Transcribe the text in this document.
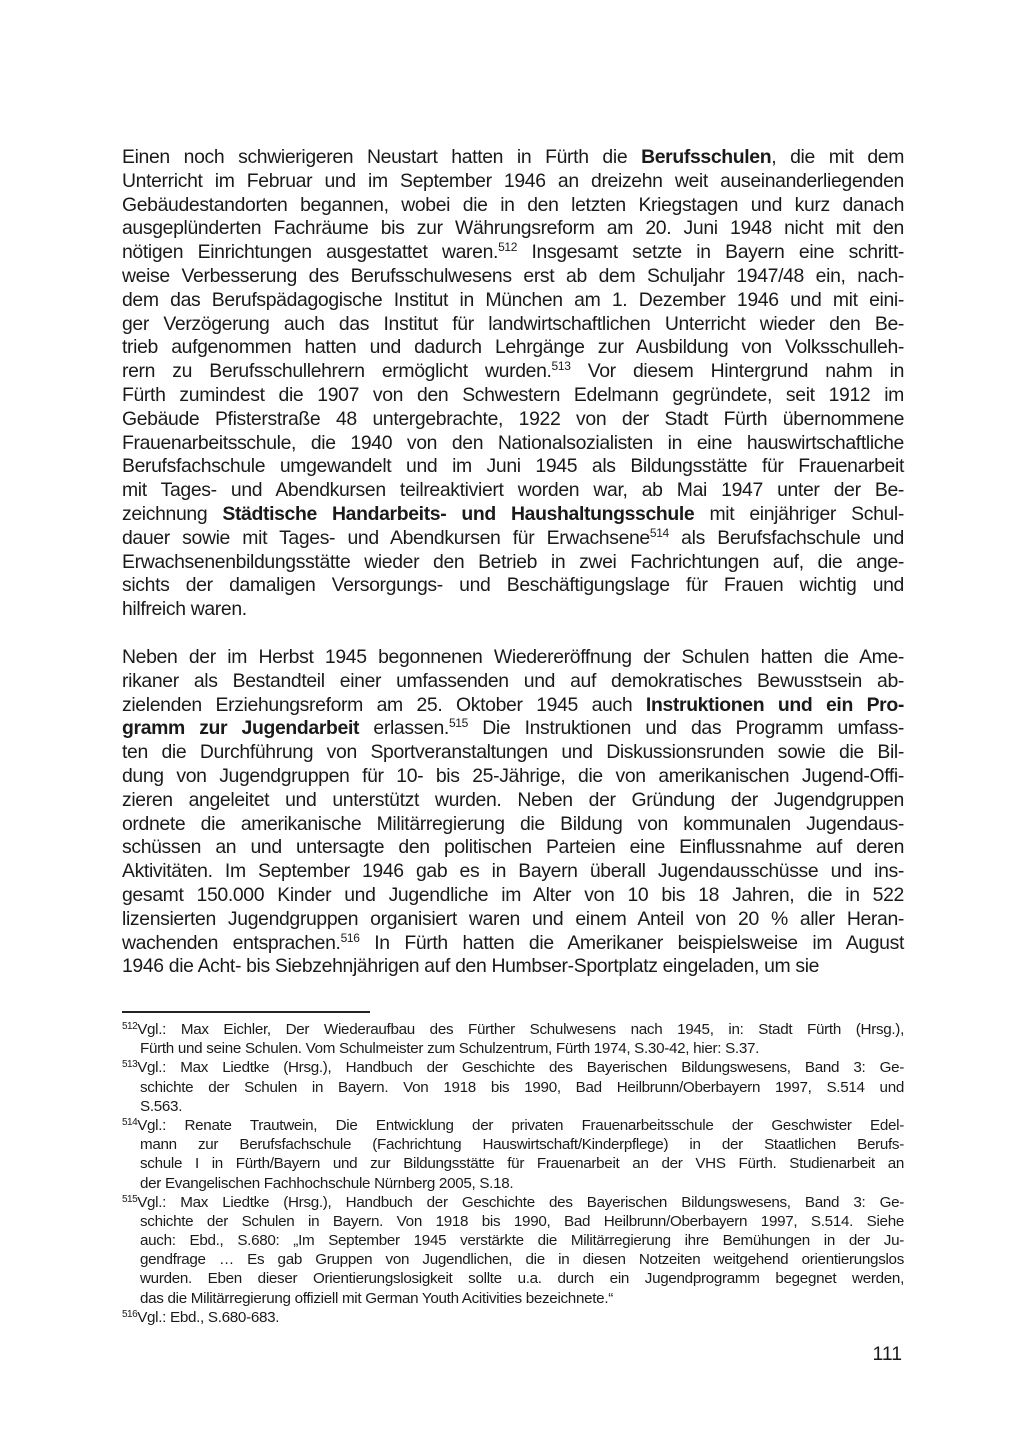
Einen noch schwierigeren Neustart hatten in Fürth die Berufsschulen, die mit dem
Unterricht im Februar und im September 1946 an dreizehn weit auseinanderliegenden
Gebäudestandorten begannen, wobei die in den letzten Kriegstagen und kurz danach
ausgeplünderten Fachräume bis zur Währungsreform am 20. Juni 1948 nicht mit den
nötigen Einrichtungen ausgestattet waren.$^{512}$ Insgesamt setzte in Bayern eine schritt-
weise Verbesserung des Berufsschulwesens erst ab dem Schuljahr 1947/48 ein, nach-
dem das Berufspädagogische Institut in München am 1. Dezember 1946 und mit eini-
ger Verzögerung auch das Institut für landwirtschaftlichen Unterricht wieder den Be-
trieb aufgenommen hatten und dadurch Lehrgänge zur Ausbildung von Volksschulleh-
rern zu Berufsschullehrern ermöglicht wurden.$^{513}$ Vor diesem Hintergrund nahm in
Fürth zumindest die 1907 von den Schwestern Edelmann gegründete, seit 1912 im
Gebäude Pfisterstraße 48 untergebrachte, 1922 von der Stadt Fürth übernommene
Frauenarbeitsschule, die 1940 von den Nationalsozialisten in eine hauswirtschaftliche
Berufsfachschule umgewandelt und im Juni 1945 als Bildungsstätte für Frauenarbeit
mit Tages- und Abendkursen teilreaktiviert worden war, ab Mai 1947 unter der Be-
zeichnung Städtische Handarbeits- und Haushaltungsschule mit einjähriger Schul-
dauer sowie mit Tages- und Abendkursen für Erwachsene$^{514}$ als Berufsfachschule und
Erwachsenenbildungsstätte wieder den Betrieb in zwei Fachrichtungen auf, die ange-
sichts der damaligen Versorgungs- und Beschäftigungslage für Frauen wichtig und
hilfreich waren.
Neben der im Herbst 1945 begonnenen Wiedereröffnung der Schulen hatten die Ame-
rikaner als Bestandteil einer umfassenden und auf demokratisches Bewusstsein ab-
zielenden Erziehungsreform am 25. Oktober 1945 auch Instruktionen und ein Pro-
gramm zur Jugendarbeit erlassen.$^{515}$ Die Instruktionen und das Programm umfass-
ten die Durchführung von Sportveranstaltungen und Diskussionsrunden sowie die Bil-
dung von Jugendgruppen für 10- bis 25-Jährige, die von amerikanischen Jugend-Offi-
zieren angeleitet und unterstützt wurden. Neben der Gründung der Jugendgruppen
ordnete die amerikanische Militärregierung die Bildung von kommunalen Jugendaus-
schüssen an und untersagte den politischen Parteien eine Einflussnahme auf deren
Aktivitäten. Im September 1946 gab es in Bayern überall Jugendausschüsse und ins-
gesamt 150.000 Kinder und Jugendliche im Alter von 10 bis 18 Jahren, die in 522
lizensierten Jugendgruppen organisiert waren und einem Anteil von 20 % aller Heran-
wachenden entsprachen.$^{516}$ In Fürth hatten die Amerikaner beispielsweise im August
1946 die Acht- bis Siebzehnjährigen auf den Humbser-Sportplatz eingeladen, um sie
$^{512}$Vgl.: Max Eichler, Der Wiederaufbau des Fürther Schulwesens nach 1945, in: Stadt Fürth (Hrsg.),
Fürth und seine Schulen. Vom Schulmeister zum Schulzentrum, Fürth 1974, S.30-42, hier: S.37.
$^{513}$Vgl.: Max Liedtke (Hrsg.), Handbuch der Geschichte des Bayerischen Bildungswesens, Band 3: Ge-
schichte der Schulen in Bayern. Von 1918 bis 1990, Bad Heilbrunn/Oberbayern 1997, S.514 und
S.563.
$^{514}$Vgl.: Renate Trautwein, Die Entwicklung der privaten Frauenarbeitsschule der Geschwister Edel-
mann zur Berufsfachschule (Fachrichtung Hauswirtschaft/Kinderpflege) in der Staatlichen Berufs-
schule I in Fürth/Bayern und zur Bildungsstätte für Frauenarbeit an der VHS Fürth. Studienarbeit an
der Evangelischen Fachhochschule Nürnberg 2005, S.18.
$^{515}$Vgl.: Max Liedtke (Hrsg.), Handbuch der Geschichte des Bayerischen Bildungswesens, Band 3: Ge-
schichte der Schulen in Bayern. Von 1918 bis 1990, Bad Heilbrunn/Oberbayern 1997, S.514. Siehe
auch: Ebd., S.680: „Im September 1945 verstärkte die Militärregierung ihre Bemühungen in der Ju-
gendfrage … Es gab Gruppen von Jugendlichen, die in diesen Notzeiten weitgehend orientierungslos
wurden. Eben dieser Orientierungslosigkeit sollte u.a. durch ein Jugendprogramm begegnet werden,
das die Militärregierung offiziell mit German Youth Acitivities bezeichnete.“
$^{516}$Vgl.: Ebd., S.680-683.
111
